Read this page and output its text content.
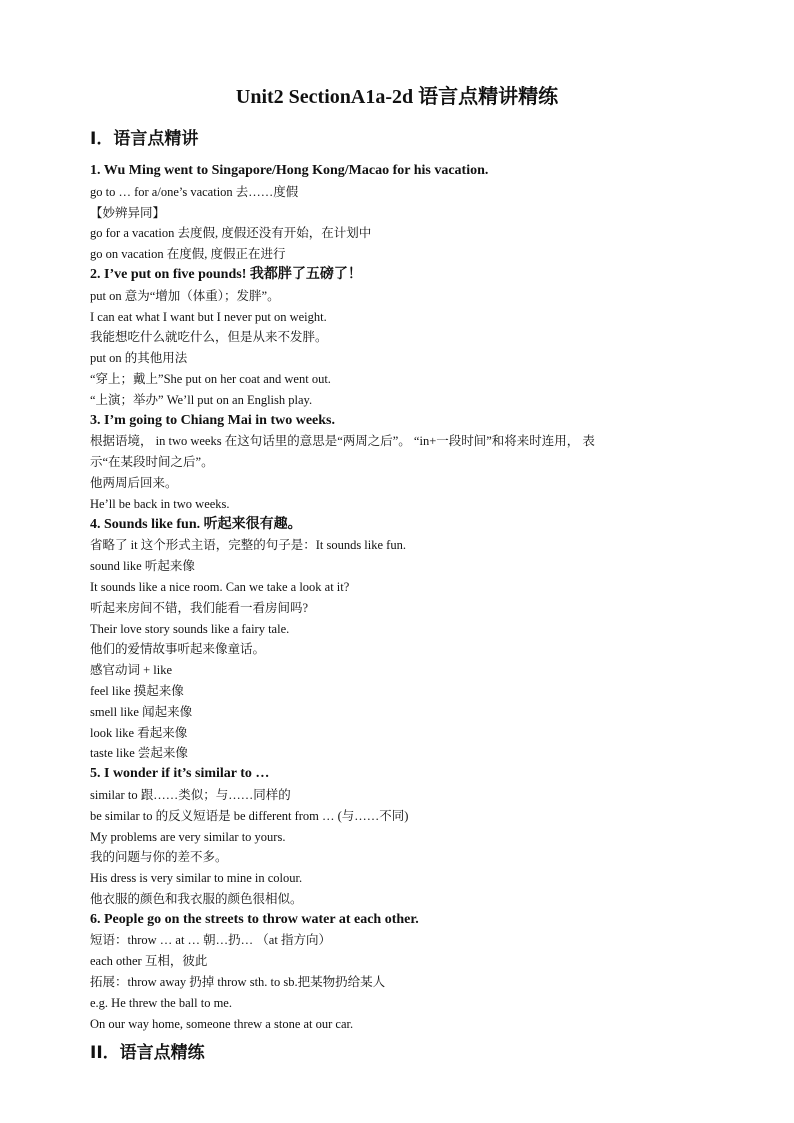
Unit2 SectionA1a-2d 语言点精讲精练
I．语言点精讲
1. Wu Ming went to Singapore/Hong Kong/Macao for his vacation.
go to … for a/one’s vacation 去……度假
【妙辨异同】
go for a vacation 去度假, 度假还没有开始，在计划中
go on vacation 在度假, 度假正在进行
2. I’ve put on five pounds! 我都胖了五磅了！
put on 意为“增加（体重）；发胖”。
I can eat what I want but I never put on weight.
我能想吃什么就吃什么，但是从来不发胖。
put on 的其他用法
“穿上；戴上”She put on her coat and went out.
“上演；举办” We’ll put on an English play.
3. I’m going to Chiang Mai in two weeks.
根据语境， in two weeks 在这句话里的意思是“两周之后”。 “in+一段时间”和将来时连用， 表
示“在某段时间之后”。
他两周后回来。
He’ll be back in two weeks.
4. Sounds like fun. 听起来很有趣。
省略了 it 这个形式主语，完整的句子是：It sounds like fun.
sound like 听起来像
It sounds like a nice room. Can we take a look at it?
听起来房间不错，我们能看一看房间吗?
Their love story sounds like a fairy tale.
他们的爱情故事听起来像童话。
感官动词 + like
feel like 摸起来像
smell like 闻起来像
look like 看起来像
taste like 尝起来像
5. I wonder if it’s similar to …
similar to 跟……类似；与……同样的
be similar to 的反义短语是 be different from … (与……不同)
My problems are very similar to yours.
我的问题与你的差不多。
His dress is very similar to mine in colour.
他衣服的颜色和我衣服的颜色很相似。
6. People go on the streets to throw water at each other.
短语：throw … at … 朝…扔… （at 指方向）
each other 互相，彼此
拓展：throw away 扔掉 throw sth. to sb.把某物扔给某人
e.g. He threw the ball to me.
On our way home, someone threw a stone at our car.
II．语言点精练
